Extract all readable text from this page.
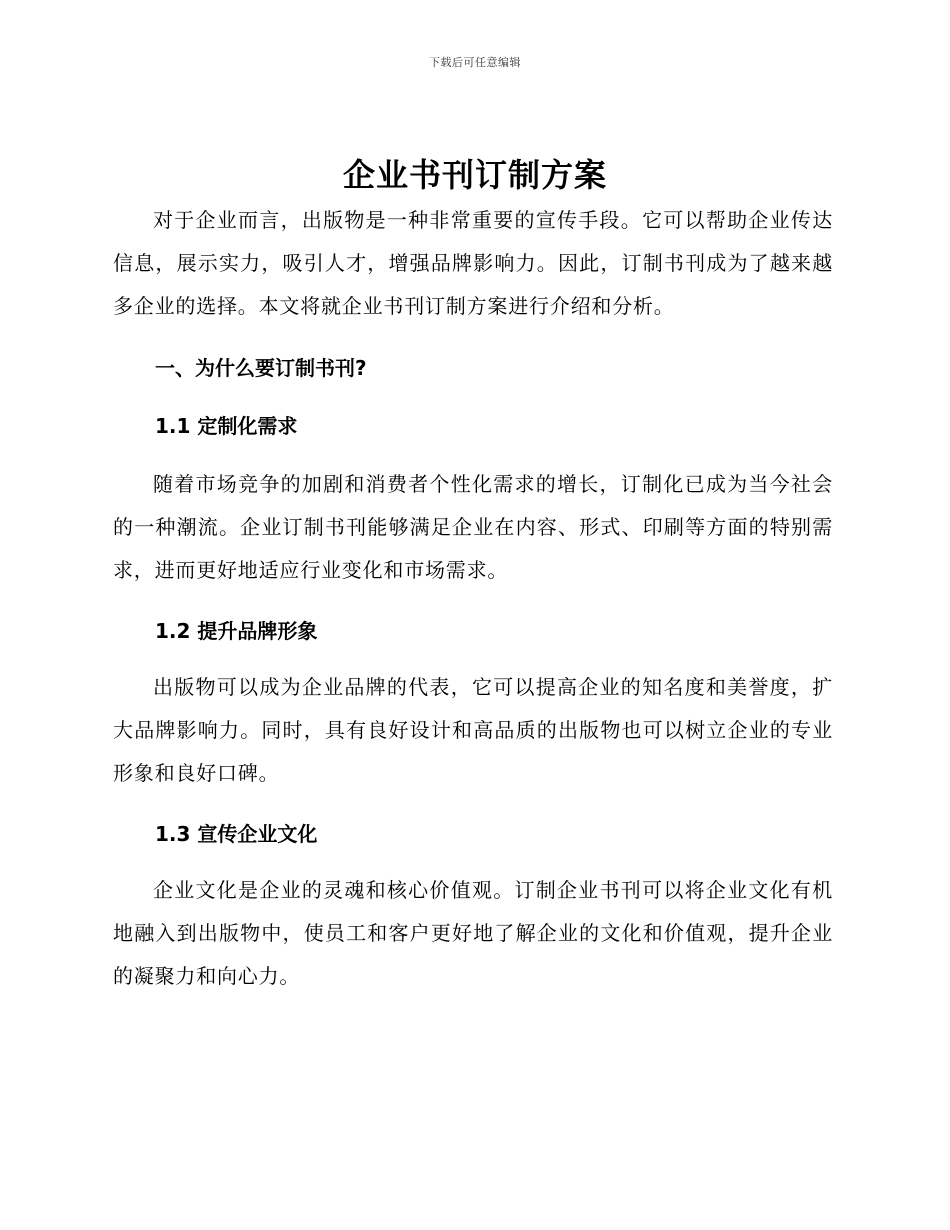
下载后可任意编辑
企业书刊订制方案

对于企业而言，出版物是一种非常重要的宣传手段。它可以帮助企业传达信息，展示实力，吸引人才，增强品牌影响力。因此，订制书刊成为了越来越多企业的选择。本文将就企业书刊订制方案进行介绍和分析。

一、为什么要订制书刊?
1.1 定制化需求

随着市场竞争的加剧和消费者个性化需求的增长，订制化已成为当今社会的一种潮流。企业订制书刊能够满足企业在内容、形式、印刷等方面的特别需求，进而更好地适应行业变化和市场需求。

1.2 提升品牌形象

出版物可以成为企业品牌的代表，它可以提高企业的知名度和美誉度，扩大品牌影响力。同时，具有良好设计和高品质的出版物也可以树立企业的专业形象和良好口碑。

1.3 宣传企业文化

企业文化是企业的灵魂和核心价值观。订制企业书刊可以将企业文化有机地融入到出版物中，使员工和客户更好地了解企业的文化和价值观，提升企业的凝聚力和向心力。
